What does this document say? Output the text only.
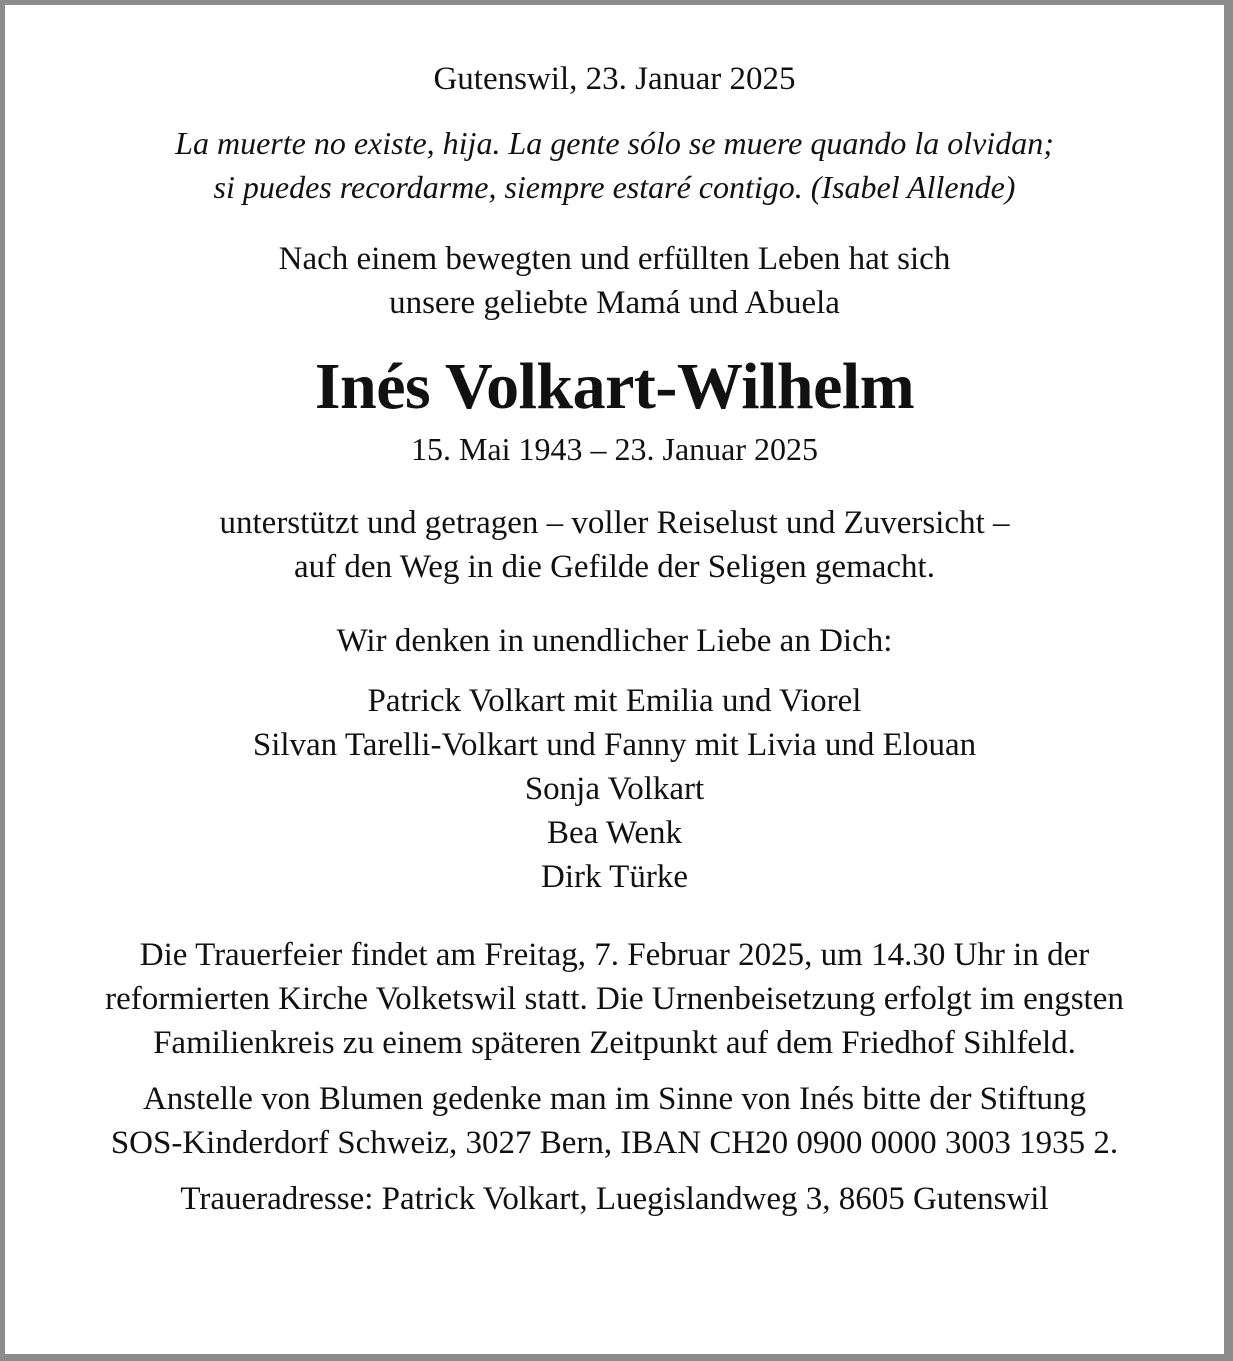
Gutenswil, 23. Januar 2025
La muerte no existe, hija. La gente sólo se muere quando la olvidan;
si puedes recordarme, siempre estaré contigo. (Isabel Allende)
Nach einem bewegten und erfüllten Leben hat sich
unsere geliebte Mamá und Abuela
Inés Volkart-Wilhelm
15. Mai 1943 – 23. Januar 2025
unterstützt und getragen – voller Reiselust und Zuversicht –
auf den Weg in die Gefilde der Seligen gemacht.
Wir denken in unendlicher Liebe an Dich:
Patrick Volkart mit Emilia und Viorel
Silvan Tarelli-Volkart und Fanny mit Livia und Elouan
Sonja Volkart
Bea Wenk
Dirk Türke
Die Trauerfeier findet am Freitag, 7. Februar 2025, um 14.30 Uhr in der
reformierten Kirche Volketswil statt. Die Urnenbeisetzung erfolgt im engsten
Familienkreis zu einem späteren Zeitpunkt auf dem Friedhof Sihlfeld.
Anstelle von Blumen gedenke man im Sinne von Inés bitte der Stiftung
SOS-Kinderdorf Schweiz, 3027 Bern, IBAN CH20 0900 0000 3003 1935 2.
Traueradresse: Patrick Volkart, Luegislandweg 3, 8605 Gutenswil
